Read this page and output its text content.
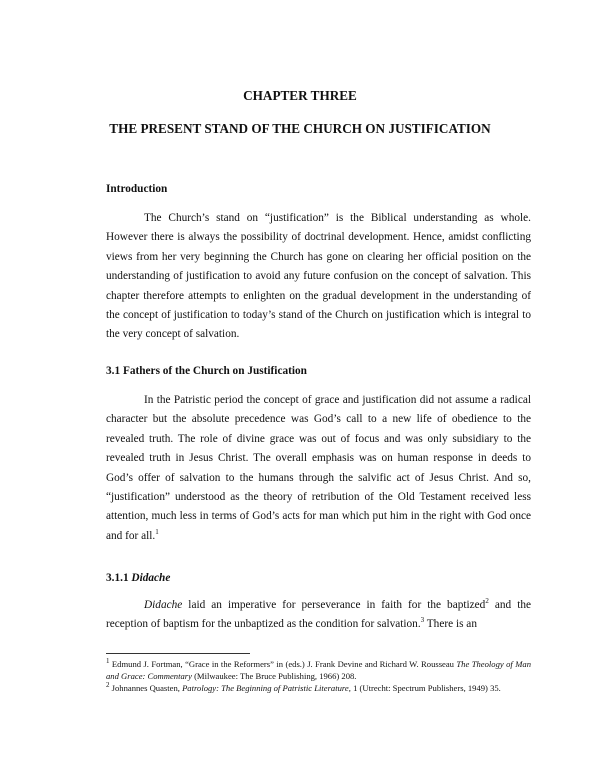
CHAPTER THREE
THE PRESENT STAND OF THE CHURCH ON JUSTIFICATION
Introduction
The Church’s stand on “justification” is the Biblical understanding as whole. However there is always the possibility of doctrinal development. Hence, amidst conflicting views from her very beginning the Church has gone on clearing her official position on the understanding of justification to avoid any future confusion on the concept of salvation. This chapter therefore attempts to enlighten on the gradual development in the understanding of the concept of justification to today’s stand of the Church on justification which is integral to the very concept of salvation.
3.1 Fathers of the Church on Justification
In the Patristic period the concept of grace and justification did not assume a radical character but the absolute precedence was God’s call to a new life of obedience to the revealed truth. The role of divine grace was out of focus and was only subsidiary to the revealed truth in Jesus Christ. The overall emphasis was on human response in deeds to God’s offer of salvation to the humans through the salvific act of Jesus Christ. And so, “justification” understood as the theory of retribution of the Old Testament received less attention, much less in terms of God’s acts for man which put him in the right with God once and for all.$^1$
3.1.1 Didache
Didache laid an imperative for perseverance in faith for the baptized$^2$ and the reception of baptism for the unbaptized as the condition for salvation.$^3$ There is an
$^1$ Edmund J. Fortman, “Grace in the Reformers” in (eds.) J. Frank Devine and Richard W. Rousseau The Theology of Man and Grace: Commentary (Milwaukee: The Bruce Publishing, 1966) 208.
$^2$ Johnannes Quasten, Patrology: The Beginning of Patristic Literature, 1 (Utrecht: Spectrum Publishers, 1949) 35.
